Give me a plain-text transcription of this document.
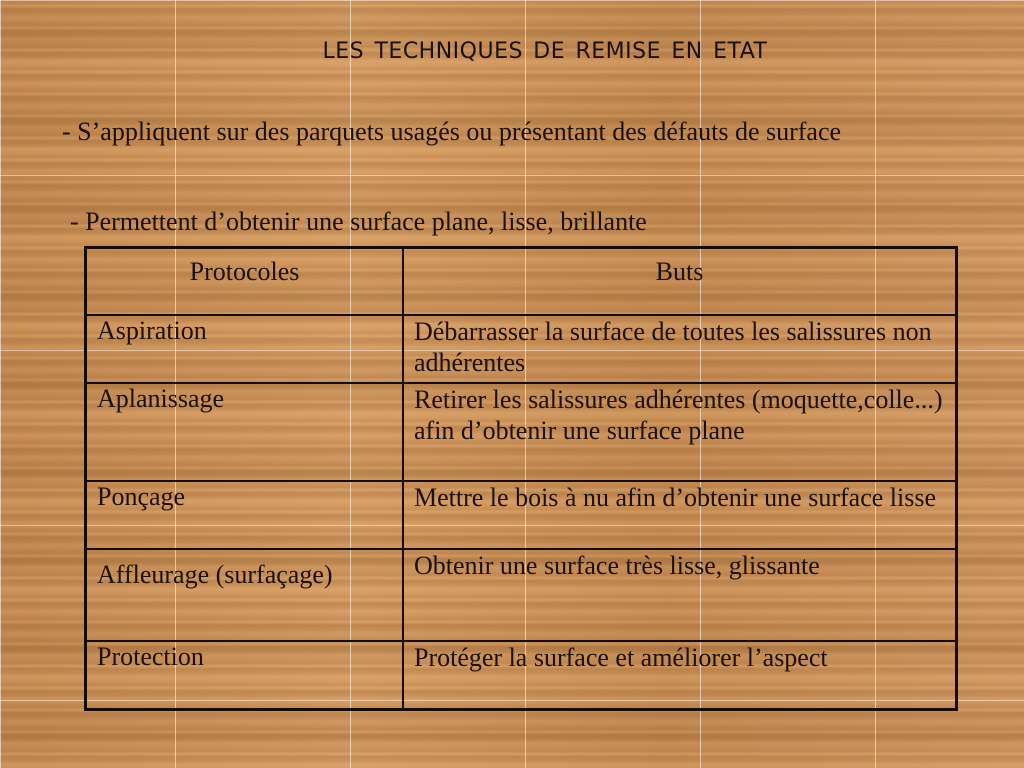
les techniques de remise en etat
- S’appliquent sur des parquets usagés ou présentant des défauts de surface
- Permettent d’obtenir une surface plane, lisse, brillante
Protocoles	Buts
Aspiration	Débarrasser la surface de toutes les salissures non adhérentes
Aplanissage	Retirer les salissures adhérentes (moquette,colle...) afin d’obtenir une surface plane
Ponçage	Mettre le bois à nu afin d’obtenir une surface lisse
Affleurage (surfaçage)	Obtenir une surface très lisse, glissante
Protection	Protéger la surface et améliorer l’aspect
